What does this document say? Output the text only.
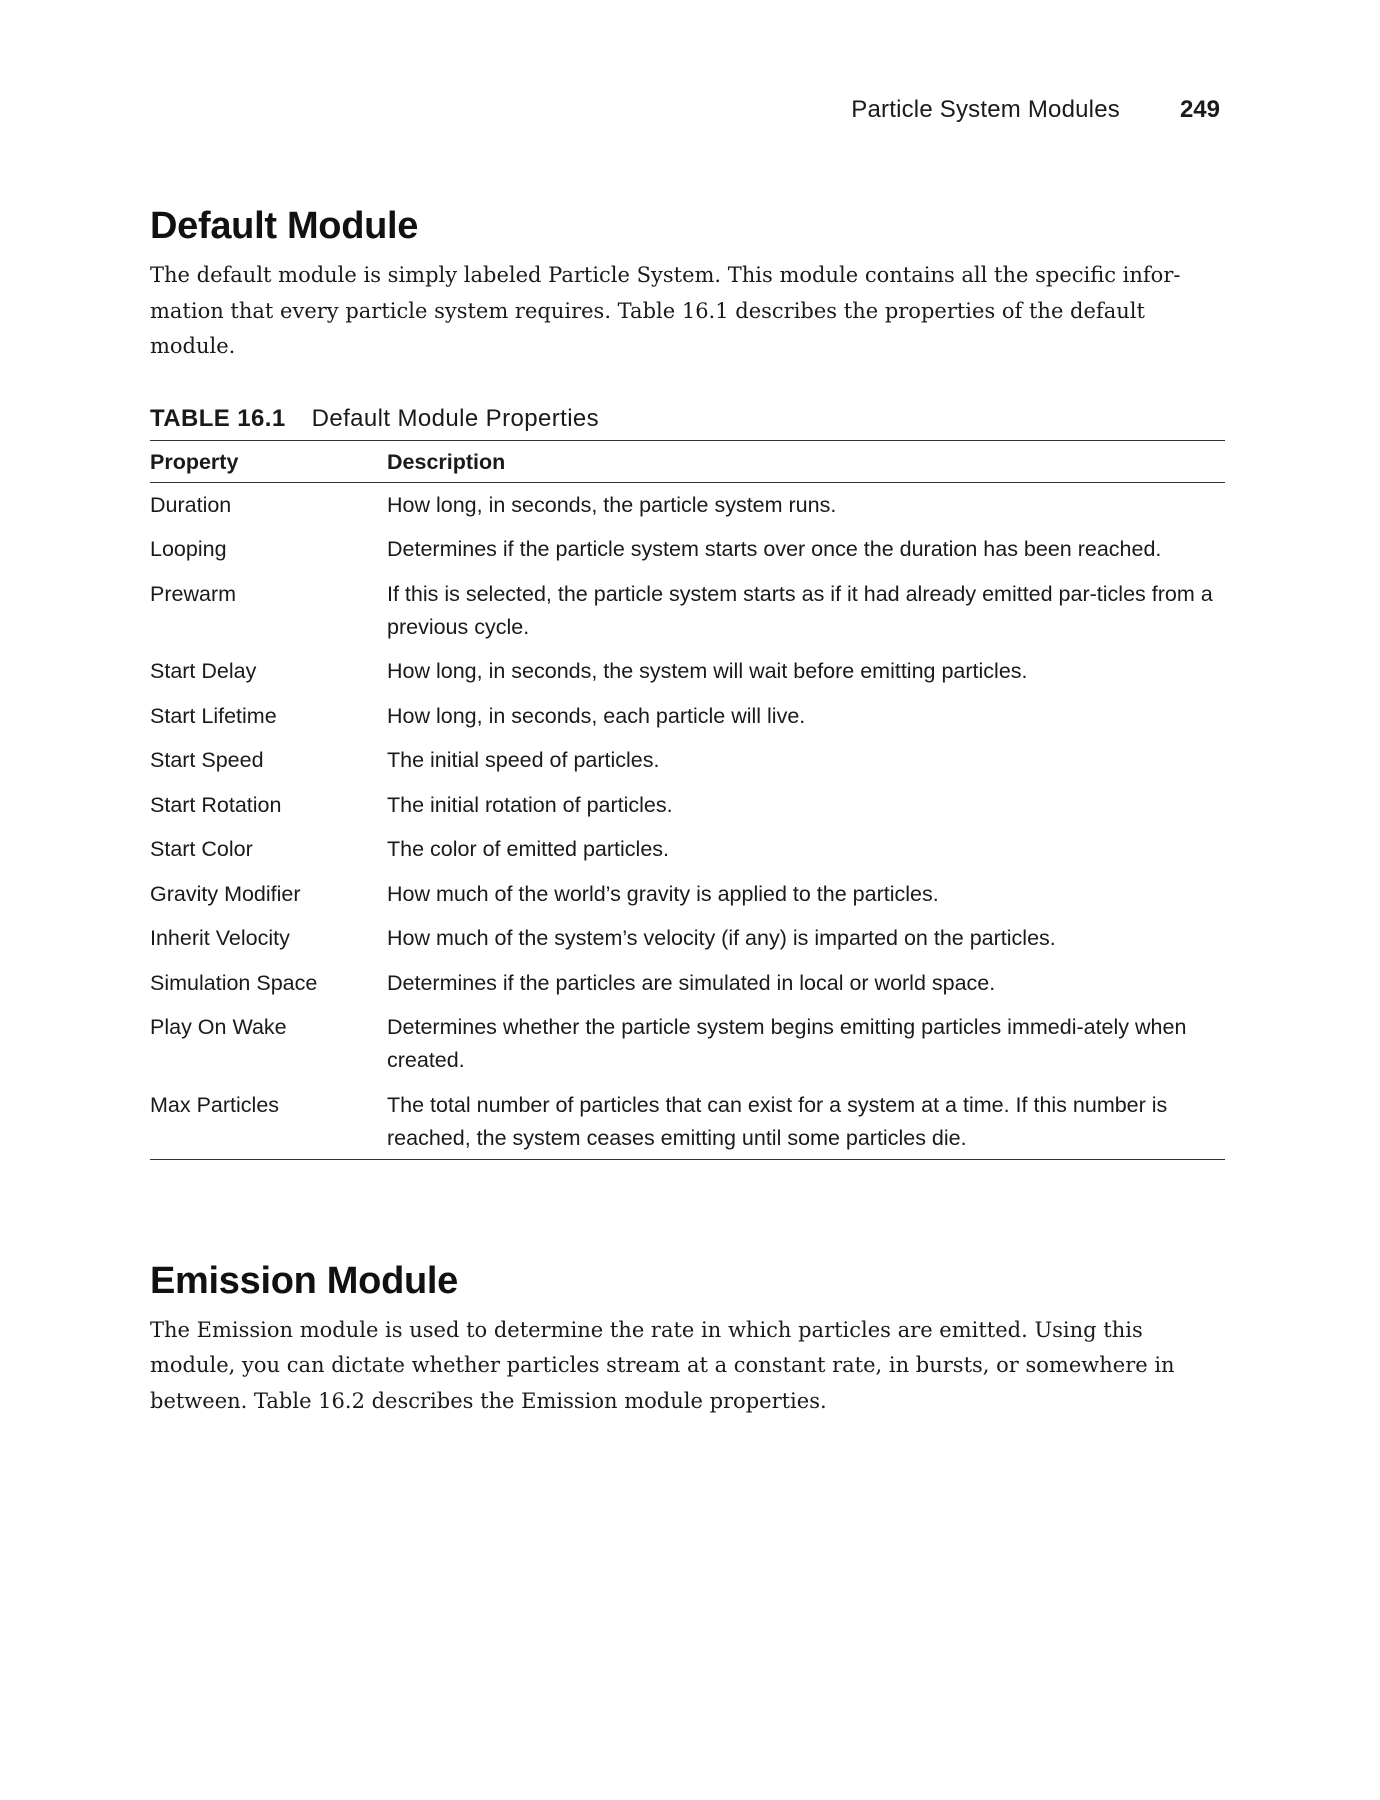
Particle System Modules	249
Default Module

The default module is simply labeled Particle System. This module contains all the specific infor-mation that every particle system requires. Table 16.1 describes the properties of the default module.

TABLE 16.1 Default Module Properties
Property	Description
Duration	How long, in seconds, the particle system runs.
Looping	Determines if the particle system starts over once the duration has been reached.
Prewarm	If this is selected, the particle system starts as if it had already emitted par-ticles from a previous cycle.
Start Delay	How long, in seconds, the system will wait before emitting particles.
Start Lifetime	How long, in seconds, each particle will live.
Start Speed	The initial speed of particles.
Start Rotation	The initial rotation of particles.
Start Color	The color of emitted particles.
Gravity Modifier	How much of the world’s gravity is applied to the particles.
Inherit Velocity	How much of the system’s velocity (if any) is imparted on the particles.
Simulation Space	Determines if the particles are simulated in local or world space.
Play On Wake	Determines whether the particle system begins emitting particles immedi-ately when created.
Max Particles	The total number of particles that can exist for a system at a time. If this number is reached, the system ceases emitting until some particles die.
Emission Module

The Emission module is used to determine the rate in which particles are emitted. Using this module, you can dictate whether particles stream at a constant rate, in bursts, or somewhere in between. Table 16.2 describes the Emission module properties.
